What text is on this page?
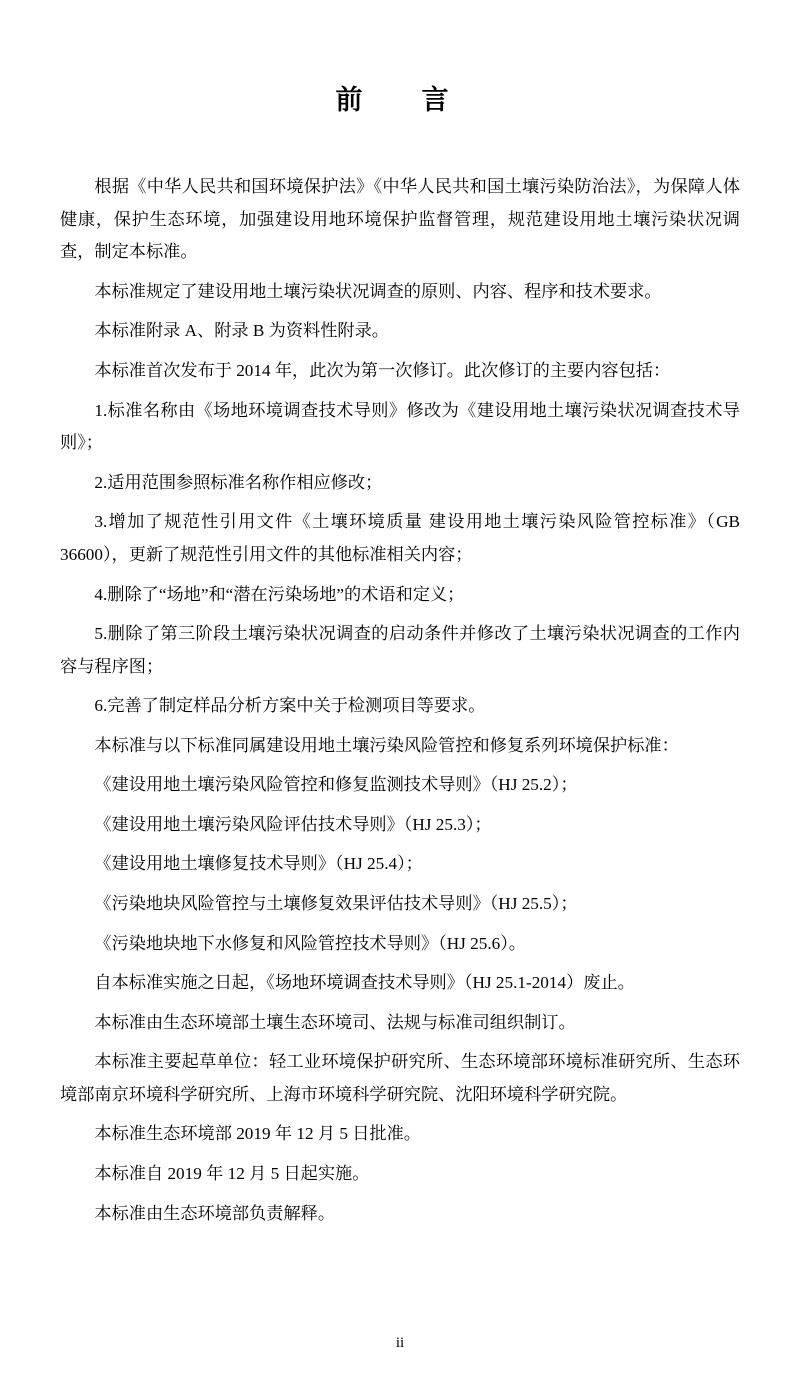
前　言

根据《中华人民共和国环境保护法》《中华人民共和国土壤污染防治法》，为保障人体健康，保护生态环境，加强建设用地环境保护监督管理，规范建设用地土壤污染状况调查，制定本标准。

本标准规定了建设用地土壤污染状况调查的原则、内容、程序和技术要求。

本标准附录 A、附录 B 为资料性附录。

本标准首次发布于 2014 年，此次为第一次修订。此次修订的主要内容包括：

1.标准名称由《场地环境调查技术导则》修改为《建设用地土壤污染状况调查技术导则》；

2.适用范围参照标准名称作相应修改；

3.增加了规范性引用文件《土壤环境质量 建设用地土壤污染风险管控标准》（GB 36600），更新了规范性引用文件的其他标准相关内容；

4.删除了“场地”和“潜在污染场地”的术语和定义；

5.删除了第三阶段土壤污染状况调查的启动条件并修改了土壤污染状况调查的工作内容与程序图；

6.完善了制定样品分析方案中关于检测项目等要求。

本标准与以下标准同属建设用地土壤污染风险管控和修复系列环境保护标准：

《建设用地土壤污染风险管控和修复监测技术导则》（HJ 25.2）；

《建设用地土壤污染风险评估技术导则》（HJ 25.3）；

《建设用地土壤修复技术导则》（HJ 25.4）；

《污染地块风险管控与土壤修复效果评估技术导则》（HJ 25.5）；

《污染地块地下水修复和风险管控技术导则》（HJ 25.6）。

自本标准实施之日起，《场地环境调查技术导则》（HJ 25.1-2014）废止。

本标准由生态环境部土壤生态环境司、法规与标准司组织制订。

本标准主要起草单位：轻工业环境保护研究所、生态环境部环境标准研究所、生态环境部南京环境科学研究所、上海市环境科学研究院、沈阳环境科学研究院。

本标准生态环境部 2019 年 12 月 5 日批准。

本标准自 2019 年 12 月 5 日起实施。

本标准由生态环境部负责解释。

ii
